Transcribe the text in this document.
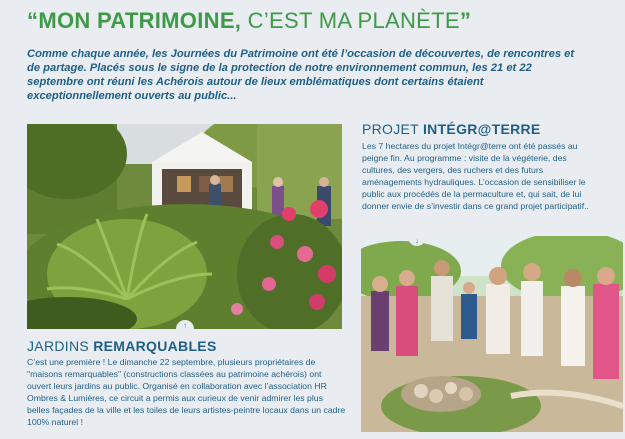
“MON PATRIMOINE, C’EST MA PLANÈTE”
Comme chaque année, les Journées du Patrimoine ont été l’occasion de découvertes, de rencontres et de partage. Placés sous le signe de la protection de notre environnement commun, les 21 et 22 septembre ont réuni les Achérois autour de lieux emblématiques dont certains étaient exceptionnellement ouverts au public...
↑
↓
PROJET INTÉGR@TERRE
Les 7 hectares du projet Intégr@terre ont été passés au peigne fin. Au programme : visite de la végéterie, des cultures, des vergers, des ruchers et des futurs aménagements hydrauliques. L’occasion de sensibiliser le public aux procédés de la permaculture et, qui sait, de lui donner envie de s’investir dans ce grand projet participatif..
JARDINS REMARQUABLES
C’est une première ! Le dimanche 22 septembre, plusieurs propriétaires de "maisons remarquables" (constructions classées au patrimoine achérois) ont ouvert leurs jardins au public. Organisé en collaboration avec l’association HR Ombres & Lumières, ce circuit a permis aux curieux de venir admirer les plus belles façades de la ville et les toiles de leurs artistes-peintre locaux dans un cadre 100% naturel !
